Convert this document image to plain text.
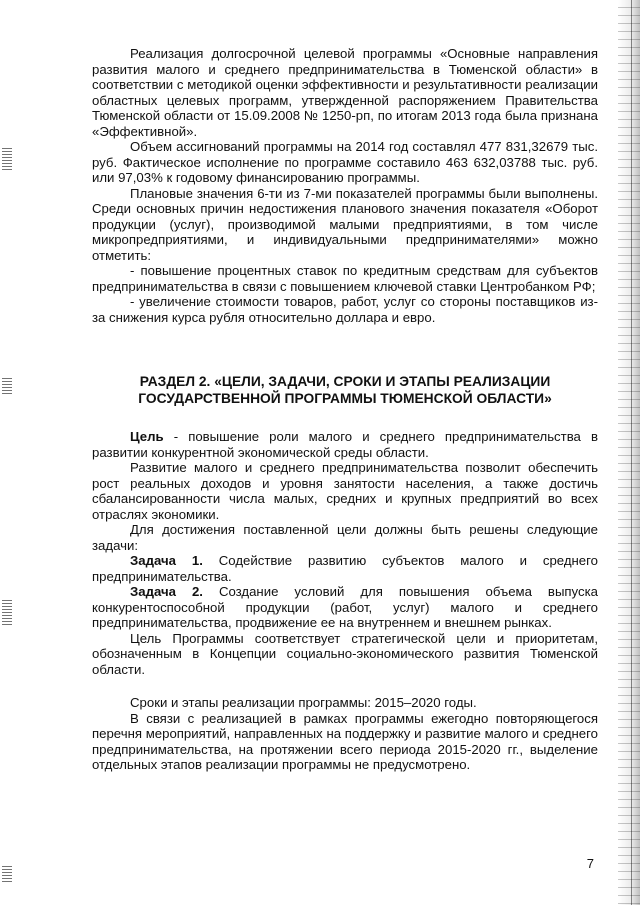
Реализация долгосрочной целевой программы «Основные направления развития малого и среднего предпринимательства в Тюменской области» в соответствии с методикой оценки эффективности и результативности реализации областных целевых программ, утвержденной распоряжением Правительства Тюменской области от 15.09.2008 № 1250-рп, по итогам 2013 года была признана «Эффективной».

Объем ассигнований программы на 2014 год составлял 477 831,32679 тыс. руб. Фактическое исполнение по программе составило 463 632,03788 тыс. руб. или 97,03% к годовому финансированию программы.

Плановые значения 6-ти из 7-ми показателей программы были выполнены. Среди основных причин недостижения планового значения показателя «Оборот продукции (услуг), производимой малыми предприятиями, в том числе микропредприятиями, и индивидуальными предпринимателями» можно отметить:

- повышение процентных ставок по кредитным средствам для субъектов предпринимательства в связи с повышением ключевой ставки Центробанком РФ;

- увеличение стоимости товаров, работ, услуг со стороны поставщиков из-за снижения курса рубля относительно доллара и евро.

РАЗДЕЛ 2. «ЦЕЛИ, ЗАДАЧИ, СРОКИ И ЭТАПЫ РЕАЛИЗАЦИИ ГОСУДАРСТВЕННОЙ ПРОГРАММЫ ТЮМЕНСКОЙ ОБЛАСТИ»

Цель - повышение роли малого и среднего предпринимательства в развитии конкурентной экономической среды области.

Развитие малого и среднего предпринимательства позволит обеспечить рост реальных доходов и уровня занятости населения, а также достичь сбалансированности числа малых, средних и крупных предприятий во всех отраслях экономики.

Для достижения поставленной цели должны быть решены следующие задачи:

Задача 1. Содействие развитию субъектов малого и среднего предпринимательства.

Задача 2. Создание условий для повышения объема выпуска конкурентоспособной продукции (работ, услуг) малого и среднего предпринимательства, продвижение ее на внутреннем и внешнем рынках.

Цель Программы соответствует стратегической цели и приоритетам, обозначенным в Концепции социально-экономического развития Тюменской области.

Сроки и этапы реализации программы: 2015–2020 годы.

В связи с реализацией в рамках программы ежегодно повторяющегося перечня мероприятий, направленных на поддержку и развитие малого и среднего предпринимательства, на протяжении всего периода 2015-2020 гг., выделение отдельных этапов реализации программы не предусмотрено.

7
